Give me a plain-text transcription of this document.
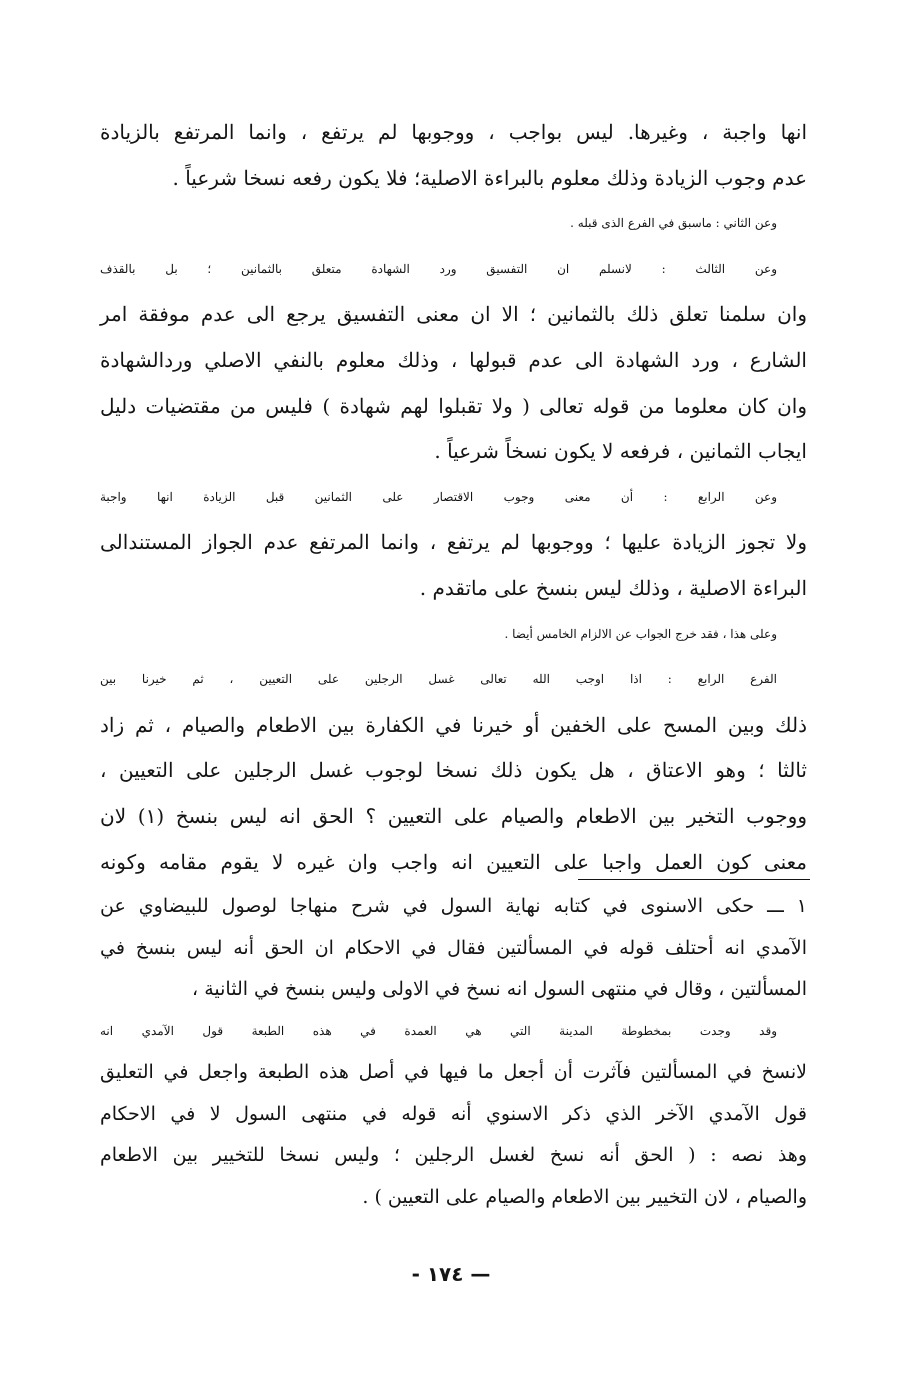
انها واجبة ، وغيرها. ليس بواجب ، ووجوبها لم يرتفع ، وانما المرتفع بالزيادة
عدم وجوب الزيادة وذلك معلوم بالبراءة الاصلية؛ فلا يكون رفعه نسخا شرعياً .

وعن الثاني : ماسبق في الفرع الذى قبله .

وعن الثالث : لانسلم ان التفسيق ورد الشهادة متعلق بالثمانين ؛ بل بالقذف
وان سلمنا تعلق ذلك بالثمانين ؛ الا ان معنى التفسيق يرجع الى عدم موفقة امر
الشارع ، ورد الشهادة الى عدم قبولها ، وذلك معلوم بالنفي الاصلي وردالشهادة
وان كان معلوما من قوله تعالى ( ولا تقبلوا لهم شهادة ) فليس من مقتضيات دليل
ايجاب الثمانين ، فرفعه لا يكون نسخاً شرعياً .

وعن الرابع : أن معنى وجوب الاقتصار على الثمانين قبل الزيادة انها واجبة
ولا تجوز الزيادة عليها ؛ ووجوبها لم يرتفع ، وانما المرتفع عدم الجواز المستندالى
البراءة الاصلية ، وذلك ليس بنسخ على ماتقدم .

وعلى هذا ، فقد خرج الجواب عن الالزام الخامس أيضا .

الفرع الرابع : اذا اوجب الله تعالى غسل الرجلين على التعيين ، ثم خيرنا بين
ذلك وبين المسح على الخفين أو خيرنا في الكفارة بين الاطعام والصيام ، ثم زاد
ثالثا ؛ وهو الاعتاق ، هل يكون ذلك نسخا لوجوب غسل الرجلين على التعيين ،
ووجوب التخير بين الاطعام والصيام على التعيين ؟ الحق انه ليس بنسخ (١) لان
معنى كون العمل واجبا على التعيين انه واجب وان غيره لا يقوم مقامه وكونه

١ ـــ حكى الاسنوى في كتابه نهاية السول في شرح منهاجا لوصول للبيضاوي عن
الآمدي انه أحتلف قوله في المسألتين فقال في الاحكام ان الحق أنه ليس بنسخ في
المسألتين ، وقال في منتهى السول انه نسخ في الاولى وليس بنسخ في الثانية ،

وقد وجدت بمخطوطة المدينة التي هي العمدة في هذه الطبعة قول الآمدي انه
لانسخ في المسألتين فآثرت أن أجعل ما فيها في أصل هذه الطبعة واجعل في التعليق
قول الآمدي الآخر الذي ذكر الاسنوي أنه قوله في منتهى السول لا في الاحكام
وهذ نصه : ( الحق أنه نسخ لغسل الرجلين ؛ وليس نسخا للتخيير بين الاطعام
والصيام ، لان التخيير بين الاطعام والصيام على التعيين ) .

— ١٧٤ -
